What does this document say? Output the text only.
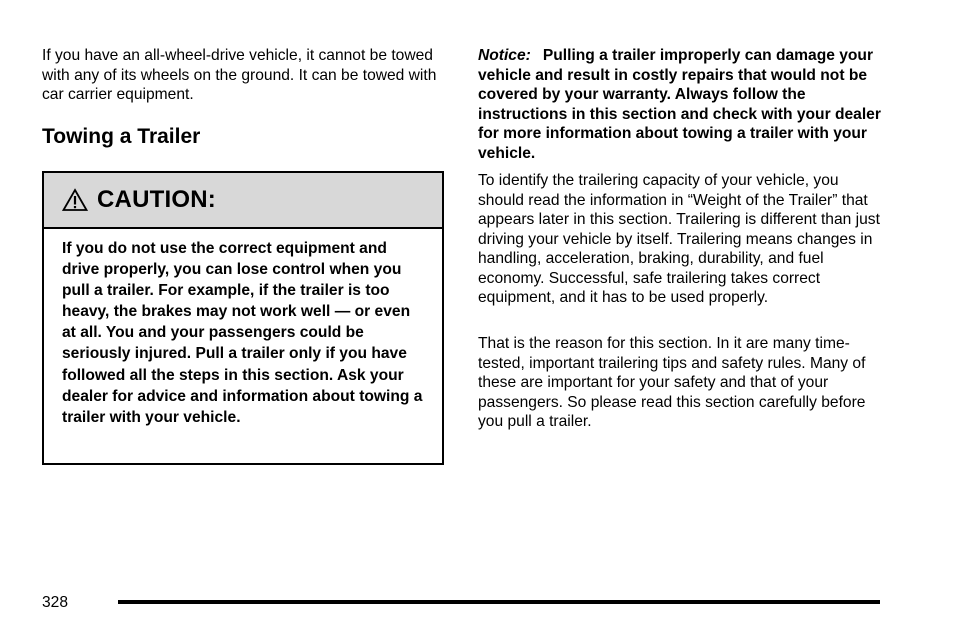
If you have an all-wheel-drive vehicle, it cannot be towed with any of its wheels on the ground. It can be towed with car carrier equipment.

Towing a Trailer
CAUTION:

If you do not use the correct equipment and drive properly, you can lose control when you pull a trailer. For example, if the trailer is too heavy, the brakes may not work well — or even at all. You and your passengers could be seriously injured. Pull a trailer only if you have followed all the steps in this section. Ask your dealer for advice and information about towing a trailer with your vehicle.

Notice: Pulling a trailer improperly can damage your vehicle and result in costly repairs that would not be covered by your warranty. Always follow the instructions in this section and check with your dealer for more information about towing a trailer with your vehicle.

To identify the trailering capacity of your vehicle, you should read the information in “Weight of the Trailer” that appears later in this section. Trailering is different than just driving your vehicle by itself. Trailering means changes in handling, acceleration, braking, durability, and fuel economy. Successful, safe trailering takes correct equipment, and it has to be used properly.

That is the reason for this section. In it are many time-tested, important trailering tips and safety rules. Many of these are important for your safety and that of your passengers. So please read this section carefully before you pull a trailer.

328
